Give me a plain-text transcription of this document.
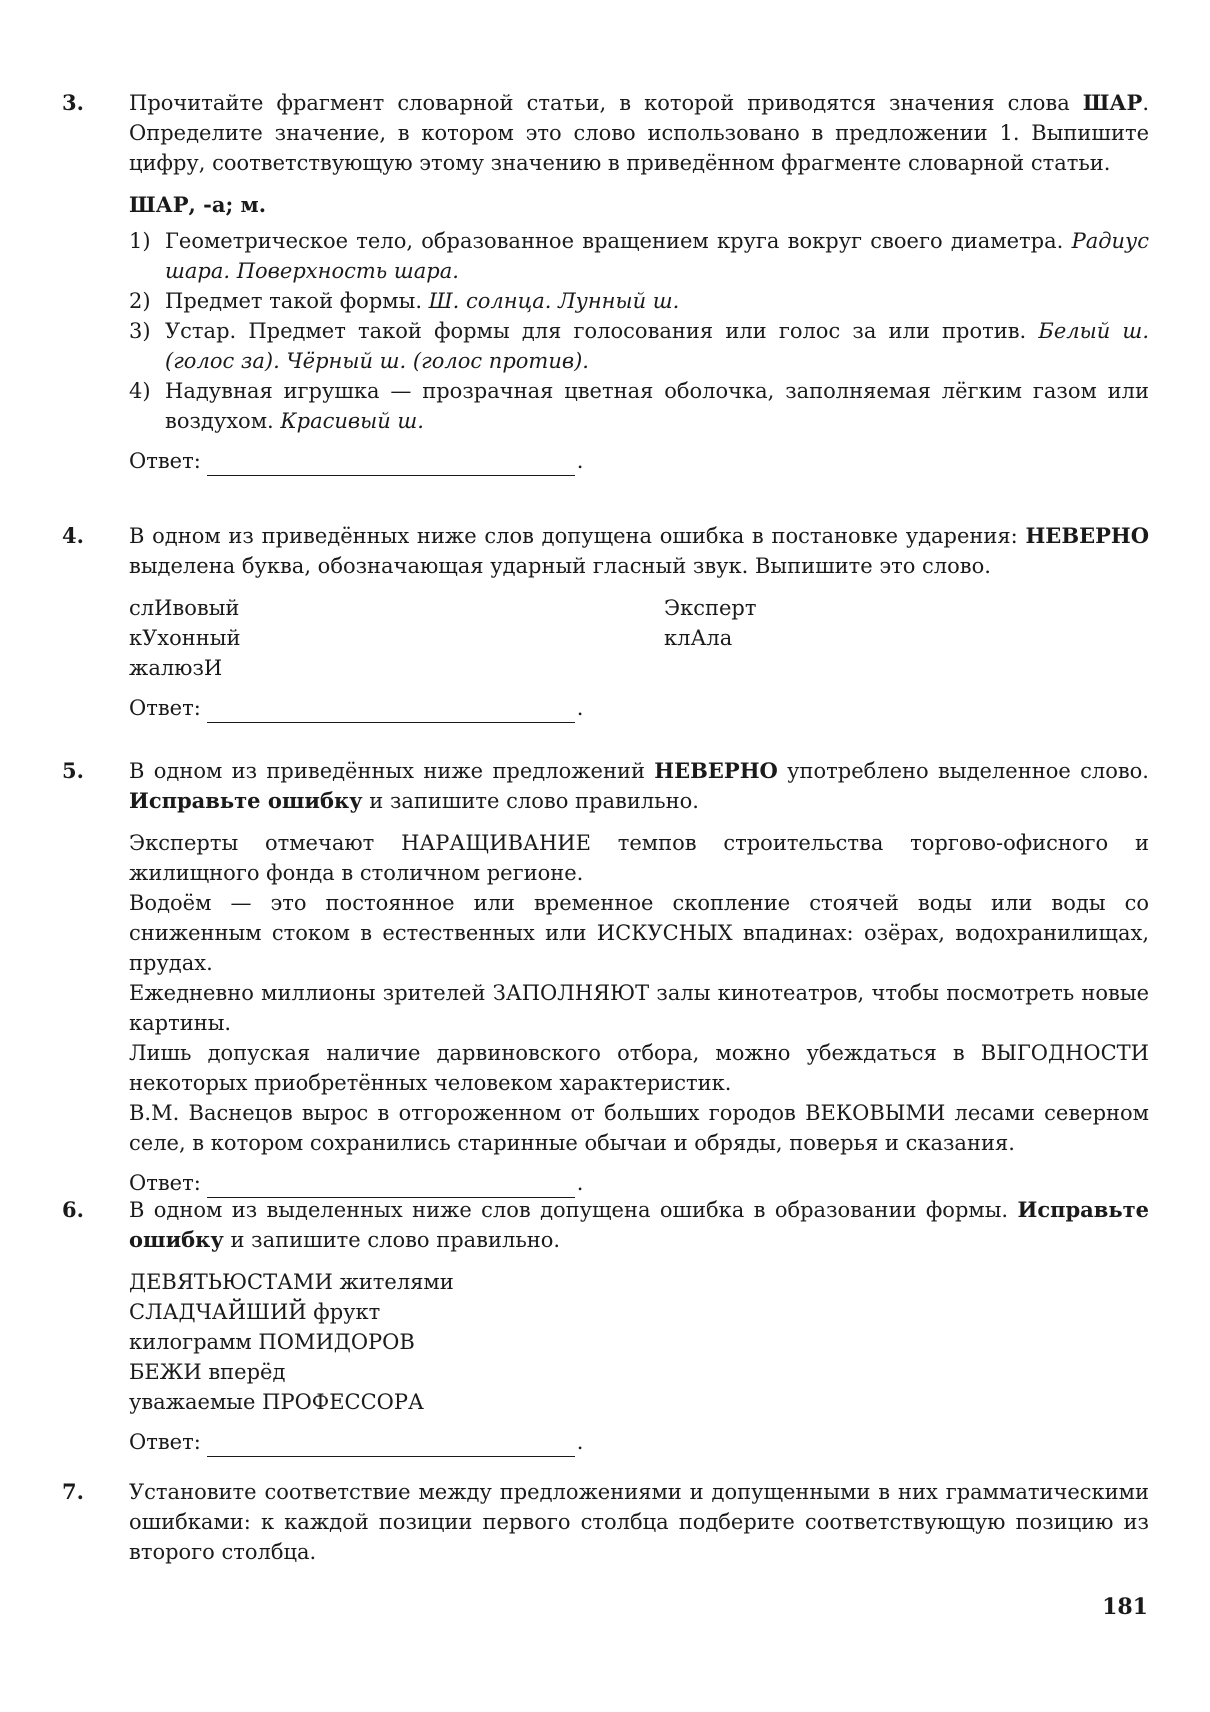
3.	Прочитайте фрагмент словарной статьи, в которой приводятся значения слова ШАР. Определите значение, в котором это слово использовано в предложении 1. Выпишите цифру, соответствующую этому значению в приведённом фрагменте словарной статьи.

ШАР, -а; м.

1) Геометрическое тело, образованное вращением круга вокруг своего диаметра. Радиус шара. Поверхность шара.
2) Предмет такой формы. Ш. солнца. Лунный ш.
3) Устар. Предмет такой формы для голосования или голос за или против. Белый ш. (голос за). Чёрный ш. (голос против).
4) Надувная игрушка — прозрачная цветная оболочка, заполняемая лёгким газом или воздухом. Красивый ш.
Ответ:	.
4.	В одном из приведённых ниже слов допущена ошибка в постановке ударения: НЕВЕРНО выделена буква, обозначающая ударный гласный звук. Выпишите это слово.

слИвовый
кУхонный
жалюзИ
Эксперт
клАла
Ответ:	.
5.	В одном из приведённых ниже предложений НЕВЕРНО употреблено выделенное слово. Исправьте ошибку и запишите слово правильно.

Эксперты отмечают НАРАЩИВАНИЕ темпов строительства торгово-офисного и жилищного фонда в столичном регионе.

Водоём — это постоянное или временное скопление стоячей воды или воды со сниженным стоком в естественных или ИСКУСНЫХ впадинах: озёрах, водохранилищах, прудах.

Ежедневно миллионы зрителей ЗАПОЛНЯЮТ залы кинотеатров, чтобы посмотреть новые картины.

Лишь допуская наличие дарвиновского отбора, можно убеждаться в ВЫГОДНОСТИ некоторых приобретённых человеком характеристик.

В.М. Васнецов вырос в отгороженном от больших городов ВЕКОВЫМИ лесами северном селе, в котором сохранились старинные обычаи и обряды, поверья и сказания.

Ответ:	.
6.	В одном из выделенных ниже слов допущена ошибка в образовании формы. Исправьте ошибку и запишите слово правильно.

ДЕВЯТЬЮСТАМИ жителями
СЛАДЧАЙШИЙ фрукт
килограмм ПОМИДОРОВ
БЕЖИ вперёд
уважаемые ПРОФЕССОРА
Ответ:	.
7.	Установите соответствие между предложениями и допущенными в них грамматическими ошибками: к каждой позиции первого столбца подберите соответствующую позицию из второго столбца.

181
